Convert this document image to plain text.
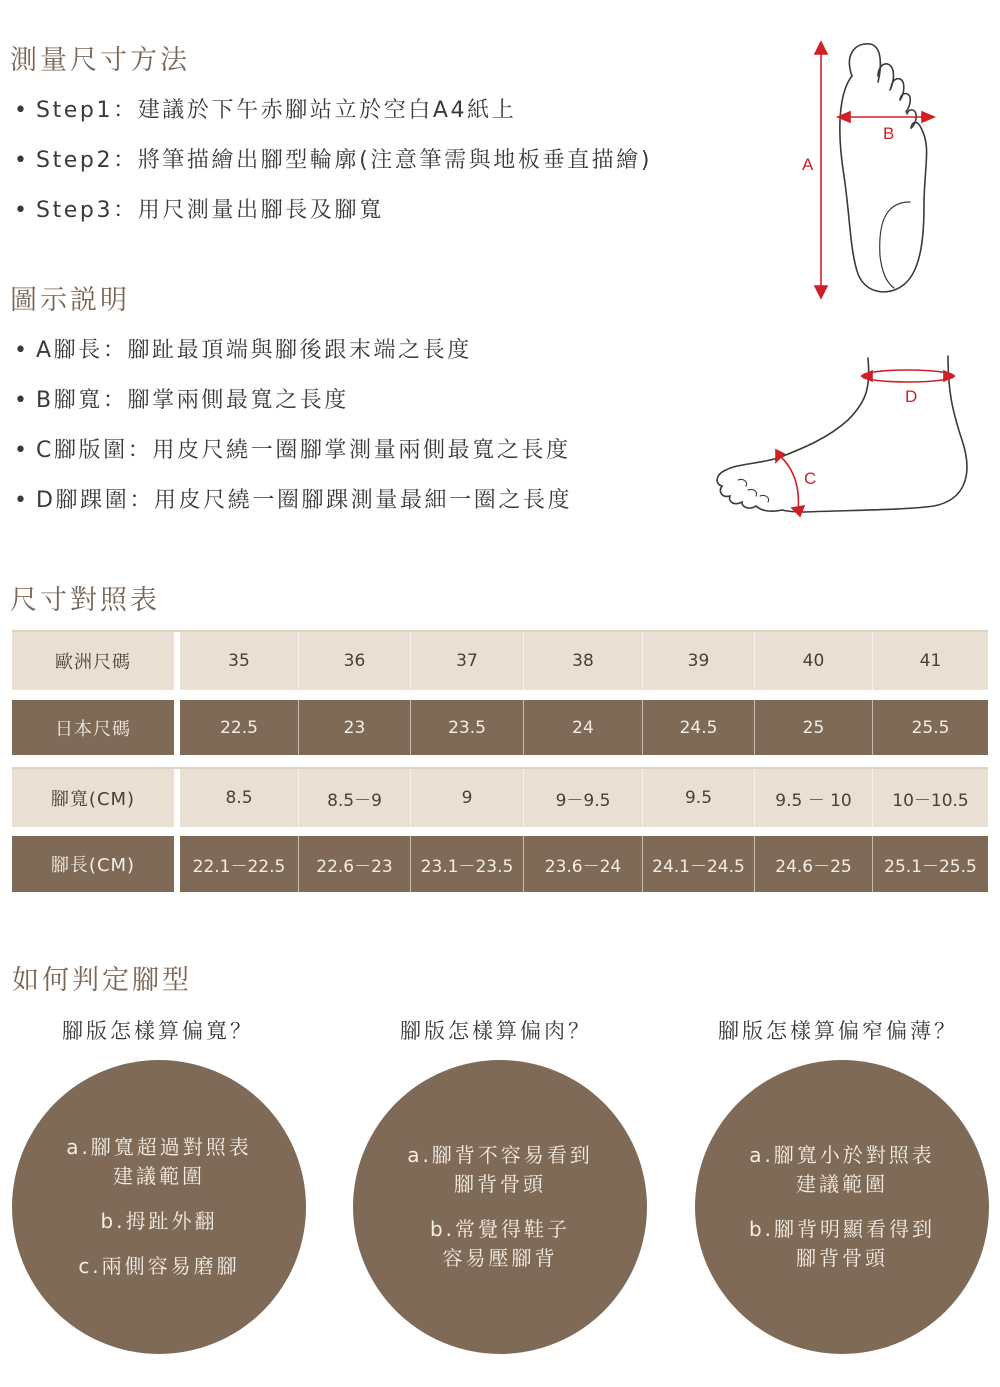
測量尺寸方法
• Step1：建議於下午赤腳站立於空白A4紙上
• Step2：將筆描繪出腳型輪廓(注意筆需與地板垂直描繪)
• Step3：用尺測量出腳長及腳寬
A
B
圖示説明
• A腳長：腳趾最頂端與腳後跟末端之長度
• B腳寬：腳掌兩側最寬之長度
• C腳版圍：用皮尺繞一圈腳掌測量兩側最寬之長度
• D腳踝圍：用皮尺繞一圈腳踝測量最細一圈之長度
D
C
尺寸對照表
歐洲尺碼	35	36	37	38	39	40	41
日本尺碼	22.5	23	23.5	24	24.5	25	25.5
腳寬(CM)	8.5	8.5－9	9	9－9.5	9.5	9.5 － 10	10－10.5
腳長(CM)	22.1－22.5	22.6－23	23.1－23.5	23.6－24	24.1－24.5	24.6－25	25.1－25.5
如何判定腳型
腳版怎樣算偏寬？	腳版怎樣算偏肉？	腳版怎樣算偏窄偏薄？
a.腳寬超過對照表
建議範圍
b.拇趾外翻
c.兩側容易磨腳
a.腳背不容易看到
腳背骨頭
b.常覺得鞋子
容易壓腳背
a.腳寬小於對照表
建議範圍
b.腳背明顯看得到
腳背骨頭
